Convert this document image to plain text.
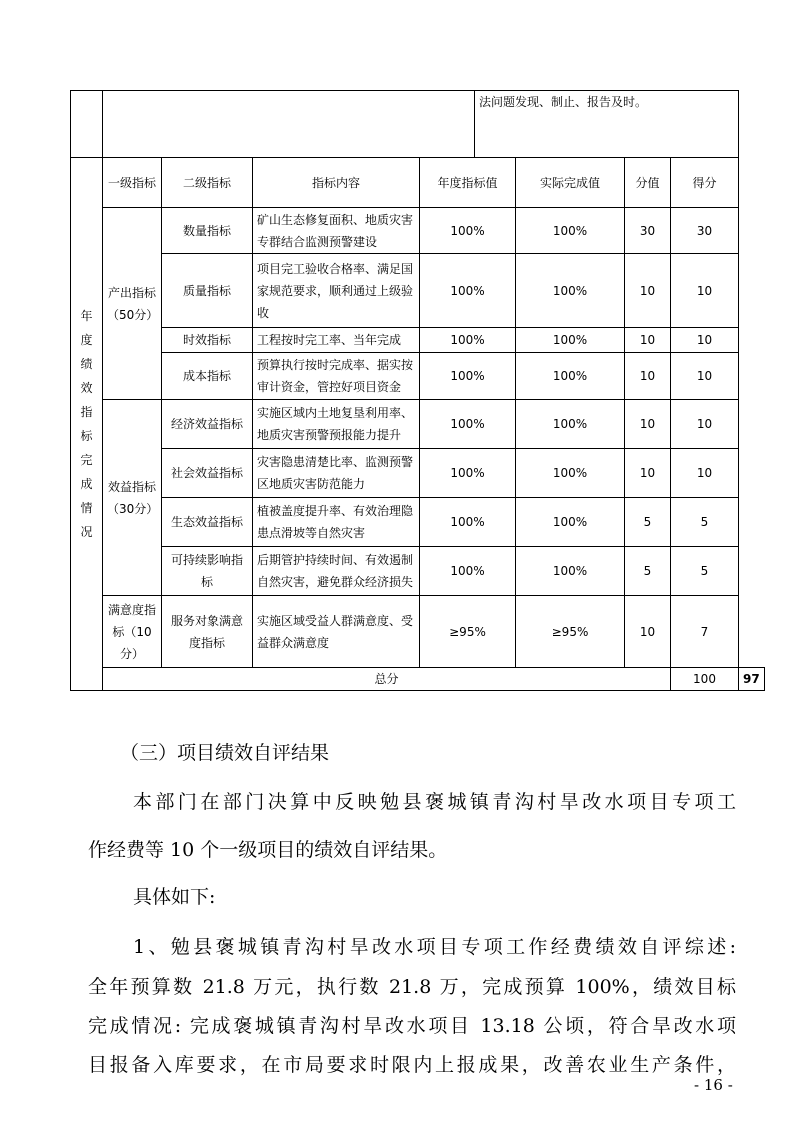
		法问题发现、制止、报告及时。
年度绩效指标完成情况	一级指标	二级指标	指标内容	年度指标值	实际完成值	分值	得分	
	产出指标（50分）	数量指标	矿山生态修复面积、地质灾害专群结合监测预警建设	100%	100%	30	30	
		质量指标	项目完工验收合格率、满足国家规范要求，顺利通过上级验收	100%	100%	10	10	
		时效指标	工程按时完工率、当年完成	100%	100%	10	10	
		成本指标	预算执行按时完成率、据实按审计资金，管控好项目资金	100%	100%	10	10	
	效益指标（30分）	经济效益指标	实施区域内土地复垦利用率、地质灾害预警预报能力提升	100%	100%	10	10	
		社会效益指标	灾害隐患清楚比率、监测预警区地质灾害防范能力	100%	100%	10	10	
		生态效益指标	植被盖度提升率、有效治理隐患点滑坡等自然灾害	100%	100%	5	5	
		可持续影响指标	后期管护持续时间、有效遏制自然灾害，避免群众经济损失	100%	100%	5	5	
	满意度指标（10分）	服务对象满意度指标	实施区域受益人群满意度、受益群众满意度	≥95%	≥95%	10	7	
	总分						100	97
（三）项目绩效自评结果
本部门在部门决算中反映勉县褒城镇青沟村旱改水项目专项工
作经费等 10 个一级项目的绩效自评结果。
具体如下:
1、勉县褒城镇青沟村旱改水项目专项工作经费绩效自评综述:
全年预算数 21.8 万元，执行数 21.8 万，完成预算 100%，绩效目标
完成情况: 完成褒城镇青沟村旱改水项目 13.18 公顷，符合旱改水项
目报备入库要求，在市局要求时限内上报成果，改善农业生产条件，
- 16 -
